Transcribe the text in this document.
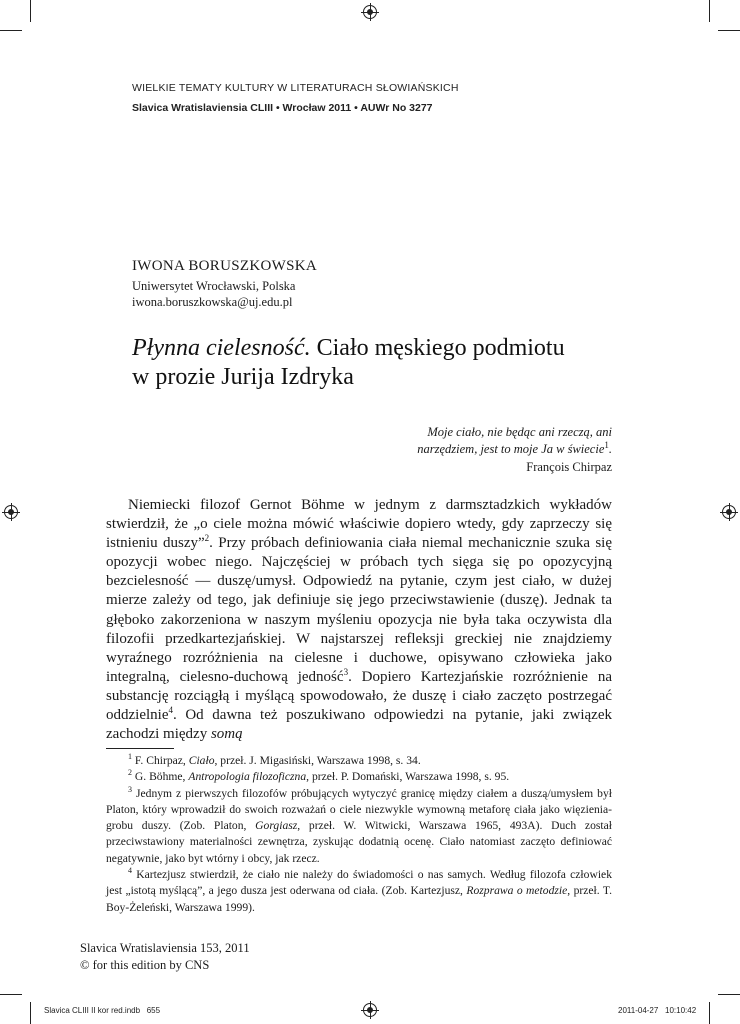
WIELKIE TEMATY KULTURY W LITERATURACH SŁOWIAŃSKICH
Slavica Wratislaviensia CLIII • Wrocław 2011 • AUWr No 3277
IWONA BORUSZKOWSKA
Uniwersytet Wrocławski, Polska
iwona.boruszkowska@uj.edu.pl
Płynna cielesność. Ciało męskiego podmiotu
w prozie Jurija Izdryka
Moje ciało, nie będąc ani rzeczą, ani
narzędziem, jest to moje Ja w świecie$^1$.
François Chirpaz

Niemiecki filozof Gernot Böhme w jednym z darmsztadzkich wykładów stwierdził, że „o ciele można mówić właściwie dopiero wtedy, gdy zaprzeczy się istnieniu duszy”$^2$. Przy próbach definiowania ciała niemal mechanicznie szuka się opozycji wobec niego. Najczęściej w próbach tych sięga się po opozycyjną bezcielesność — duszę/umysł. Odpowiedź na pytanie, czym jest ciało, w dużej mierze zależy od tego, jak definiuje się jego przeciwstawienie (duszę). Jednak ta głęboko zakorzeniona w naszym myśleniu opozycja nie była taka oczywista dla filozofii przedkartezjańskiej. W najstarszej refleksji greckiej nie znajdziemy wyraźnego rozróżnienia na cielesne i duchowe, opisywano człowieka jako integralną, cielesno-duchową jedność$^3$. Dopiero Kartezjańskie rozróżnienie na substancję rozciągłą i myślącą spowodowało, że duszę i ciało zaczęto postrzegać oddzielnie$^4$. Od dawna też poszukiwano odpowiedzi na pytanie, jaki związek zachodzi między somą

$^1$ F. Chirpaz, Ciało, przeł. J. Migasiński, Warszawa 1998, s. 34.

$^2$ G. Böhme, Antropologia filozoficzna, przeł. P. Domański, Warszawa 1998, s. 95.

$^3$ Jednym z pierwszych filozofów próbujących wytyczyć granicę między ciałem a duszą/umysłem był Platon, który wprowadził do swoich rozważań o ciele niezwykle wymowną metaforę ciała jako więzienia-grobu duszy. (Zob. Platon, Gorgiasz, przeł. W. Witwicki, Warszawa 1965, 493A). Duch został przeciwstawiony materialności zewnętrza, zyskując dodatnią ocenę. Ciało natomiast zaczęto definiować negatywnie, jako byt wtórny i obcy, jak rzecz.

$^4$ Kartezjusz stwierdził, że ciało nie należy do świadomości o nas samych. Według filozofa człowiek jest „istotą myślącą”, a jego dusza jest oderwana od ciała. (Zob. Kartezjusz, Rozprawa o metodzie, przeł. T. Boy-Żeleński, Warszawa 1999).

Slavica Wratislaviensia 153, 2011
© for this edition by CNS
Slavica CLIII II kor red.indb   655	2011-04-27   10:10:42
